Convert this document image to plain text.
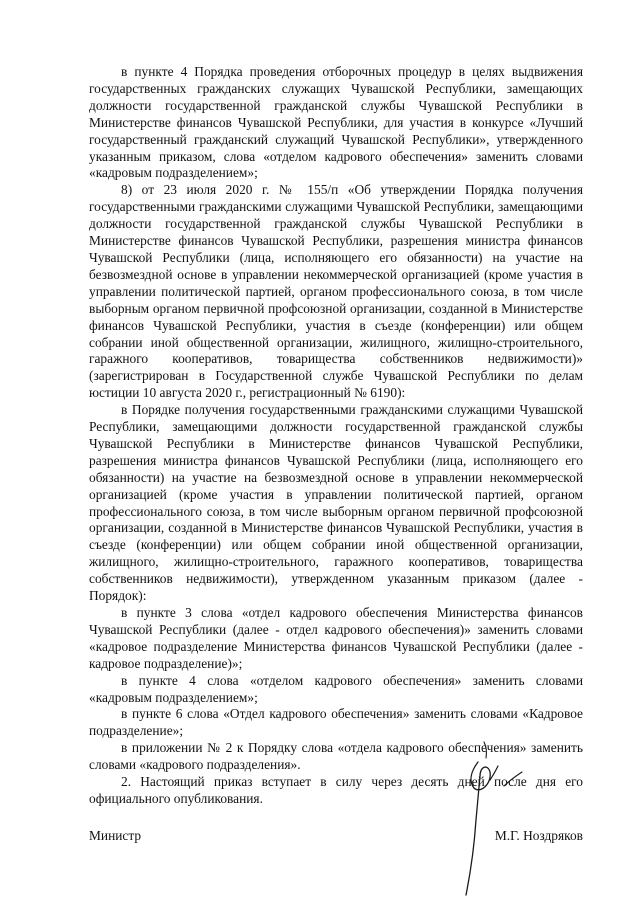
в пункте 4 Порядка проведения отборочных процедур в целях выдвижения государственных гражданских служащих Чувашской Республики, замещающих должности государственной гражданской службы Чувашской Республики в Министерстве финансов Чувашской Республики, для участия в конкурсе «Лучший государственный гражданский служащий Чувашской Республики», утвержденного указанным приказом, слова «отделом кадрового обеспечения» заменить словами «кадровым подразделением»;

8) от 23 июля 2020 г. № 155/п «Об утверждении Порядка получения государственными гражданскими служащими Чувашской Республики, замещающими должности государственной гражданской службы Чувашской Республики в Министерстве финансов Чувашской Республики, разрешения министра финансов Чувашской Республики (лица, исполняющего его обязанности) на участие на безвозмездной основе в управлении некоммерческой организацией (кроме участия в управлении политической партией, органом профессионального союза, в том числе выборным органом первичной профсоюзной организации, созданной в Министерстве финансов Чувашской Республики, участия в съезде (конференции) или общем собрании иной общественной организации, жилищного, жилищно-строительного, гаражного кооперативов, товарищества собственников недвижимости)» (зарегистрирован в Государственной службе Чувашской Республики по делам юстиции 10 августа 2020 г., регистрационный № 6190):

в Порядке получения государственными гражданскими служащими Чувашской Республики, замещающими должности государственной гражданской службы Чувашской Республики в Министерстве финансов Чувашской Республики, разрешения министра финансов Чувашской Республики (лица, исполняющего его обязанности) на участие на безвозмездной основе в управлении некоммерческой организацией (кроме участия в управлении политической партией, органом профессионального союза, в том числе выборным органом первичной профсоюзной организации, созданной в Министерстве финансов Чувашской Республики, участия в съезде (конференции) или общем собрании иной общественной организации, жилищного, жилищно-строительного, гаражного кооперативов, товарищества собственников недвижимости), утвержденном указанным приказом (далее - Порядок):

в пункте 3 слова «отдел кадрового обеспечения Министерства финансов Чувашской Республики (далее - отдел кадрового обеспечения)» заменить словами «кадровое подразделение Министерства финансов Чувашской Республики (далее - кадровое подразделение)»;

в пункте 4 слова «отделом кадрового обеспечения» заменить словами «кадровым подразделением»;

в пункте 6 слова «Отдел кадрового обеспечения» заменить словами «Кадровое подразделение»;

в приложении № 2 к Порядку слова «отдела кадрового обеспечения» заменить словами «кадрового подразделения».

2. Настоящий приказ вступает в силу через десять дней после дня его официального опубликования.

Министр	М.Г. Ноздряков
